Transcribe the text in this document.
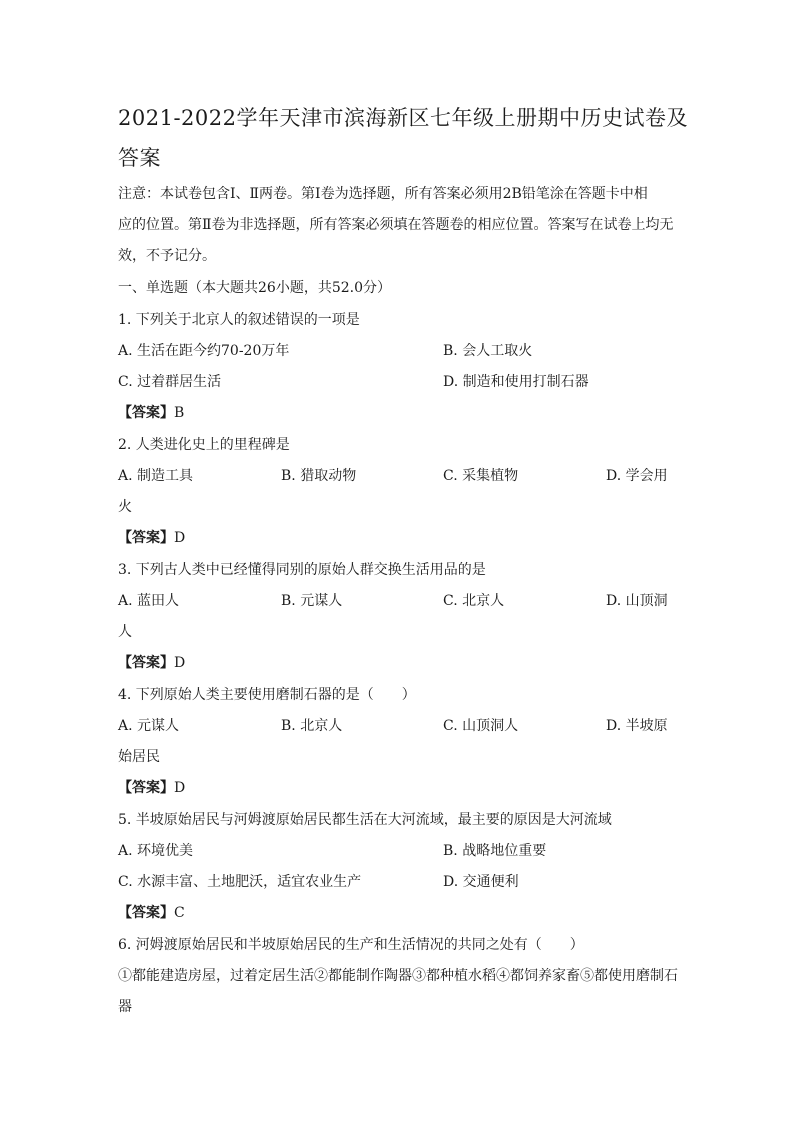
2021-2022学年天津市滨海新区七年级上册期中历史试卷及
答案
注意：本试卷包含Ⅰ、Ⅱ两卷。第Ⅰ卷为选择题，所有答案必须用2B铅笔涂在答题卡中相
应的位置。第Ⅱ卷为非选择题，所有答案必须填在答题卷的相应位置。答案写在试卷上均无
效，不予记分。
一、单选题（本大题共26小题，共52.0分）
1. 下列关于北京人的叙述错误的一项是
A. 生活在距今约70-20万年	B. 会人工取火
C. 过着群居生活	D. 制造和使用打制石器
【答案】B
2. 人类进化史上的里程碑是
A. 制造工具	B. 猎取动物	C. 采集植物	D. 学会用
火
【答案】D
3. 下列古人类中已经懂得同别的原始人群交换生活用品的是
A. 蓝田人	B. 元谋人	C. 北京人	D. 山顶洞
人
【答案】D
4. 下列原始人类主要使用磨制石器的是（　　）
A. 元谋人	B. 北京人	C. 山顶洞人	D. 半坡原
始居民
【答案】D
5. 半坡原始居民与河姆渡原始居民都生活在大河流域，最主要的原因是大河流域
A. 环境优美	B. 战略地位重要
C. 水源丰富、土地肥沃，适宜农业生产	D. 交通便利
【答案】C
6. 河姆渡原始居民和半坡原始居民的生产和生活情况的共同之处有（　　）
①都能建造房屋，过着定居生活②都能制作陶器③都种植水稻④都饲养家畜⑤都使用磨制石
器
